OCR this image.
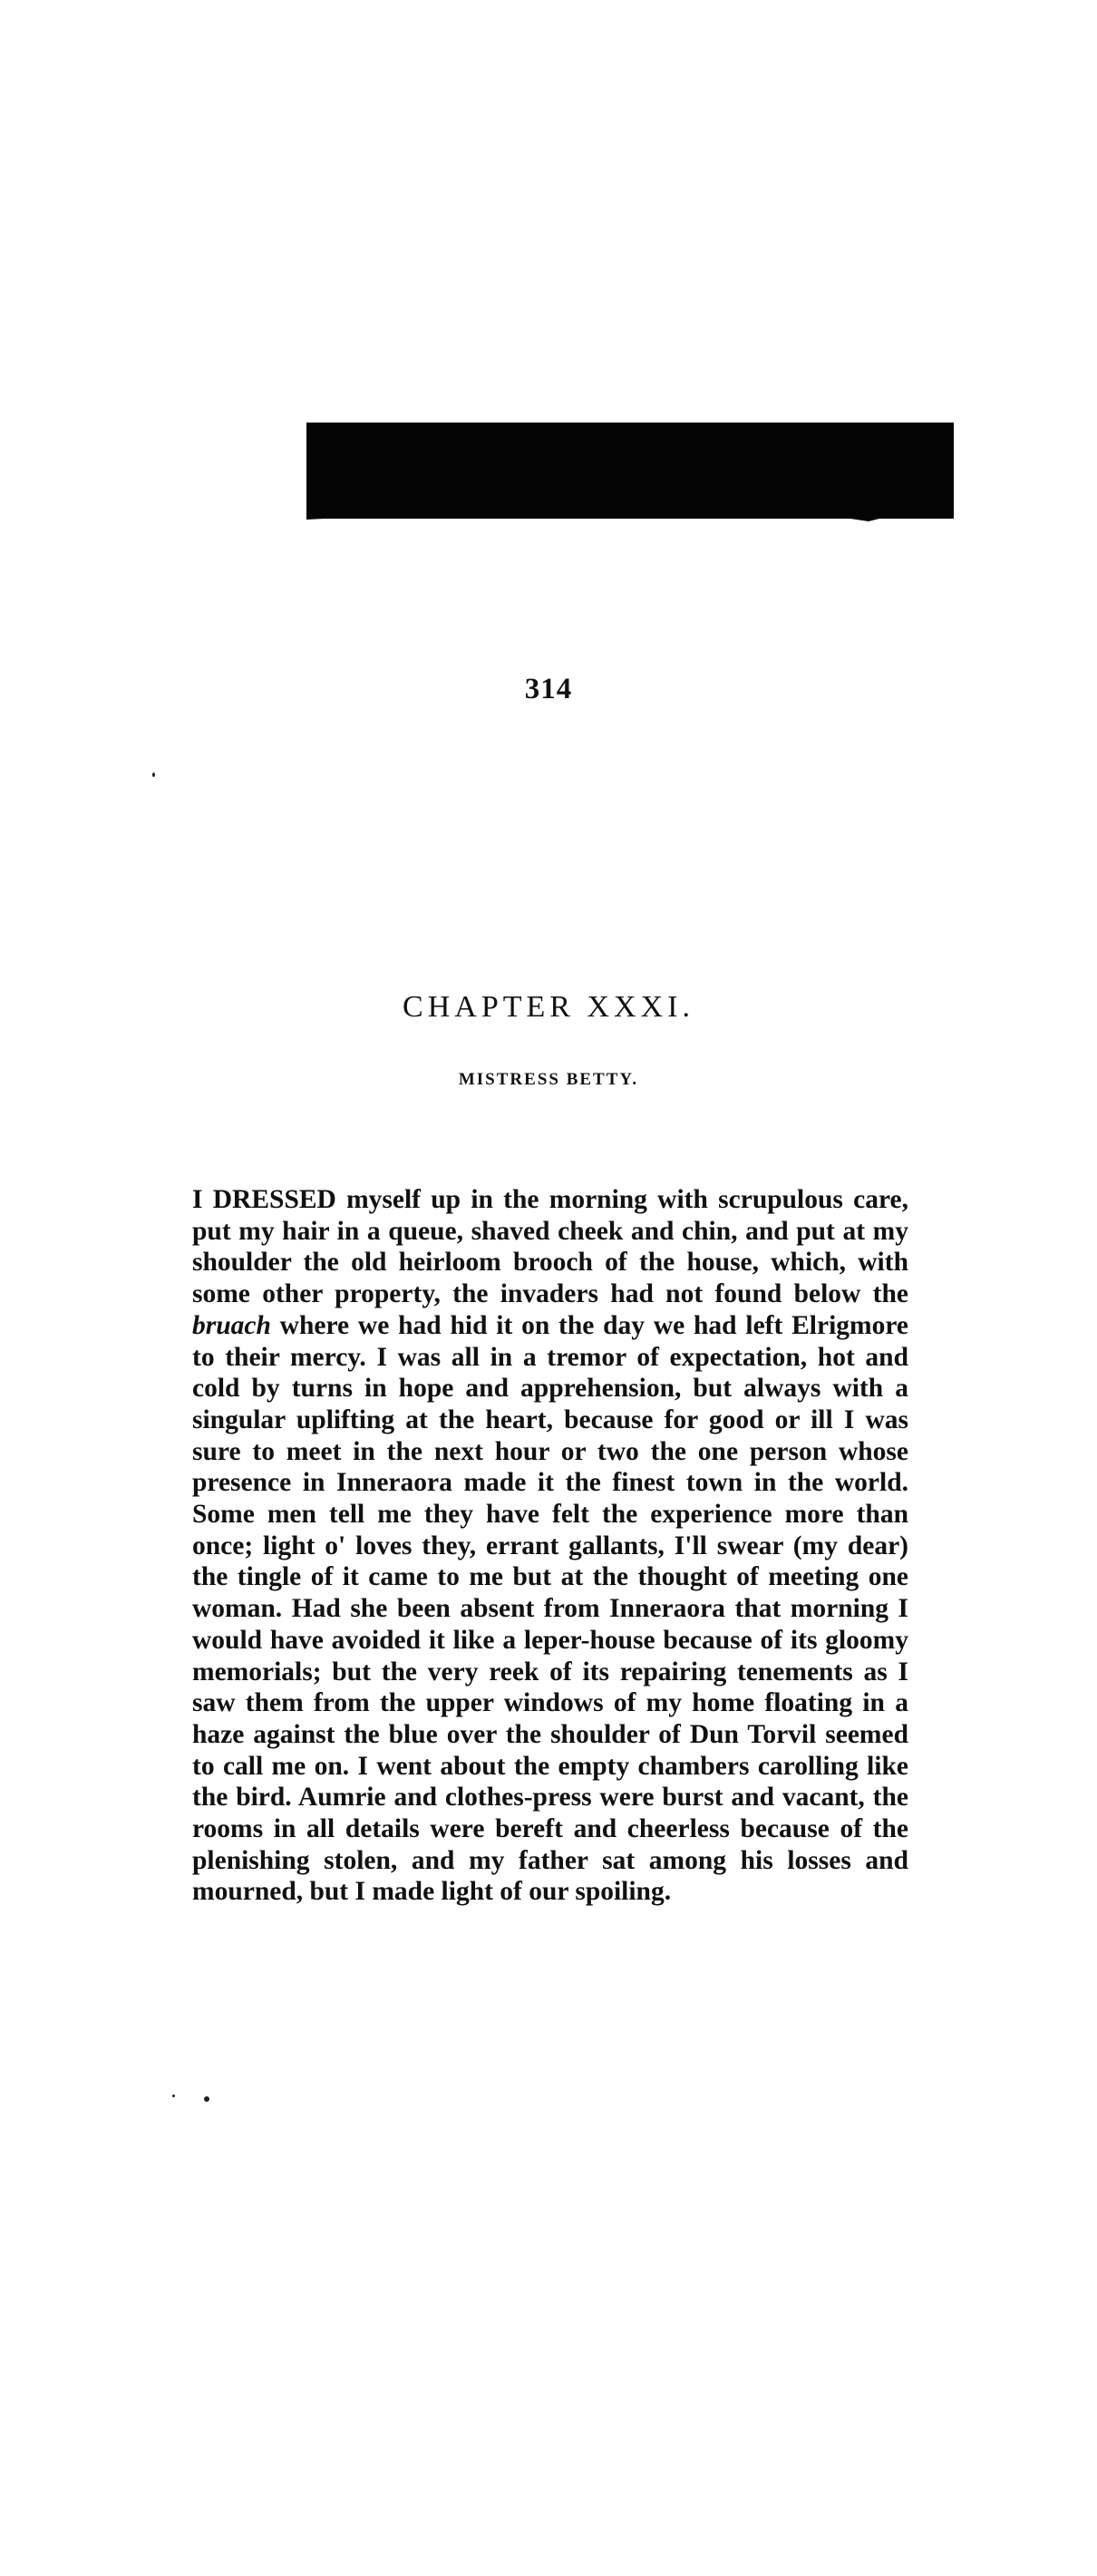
314
CHAPTER XXXI.
MISTRESS BETTY.

I DRESSED myself up in the morning with scrupulous care, put my hair in a queue, shaved cheek and chin, and put at my shoulder the old heirloom brooch of the house, which, with some other property, the invaders had not found below the bruach where we had hid it on the day we had left Elrigmore to their mercy. I was all in a tremor of expectation, hot and cold by turns in hope and apprehension, but always with a singular uplifting at the heart, because for good or ill I was sure to meet in the next hour or two the one person whose presence in Inneraora made it the finest town in the world. Some men tell me they have felt the experience more than once; light o' loves they, errant gallants, I'll swear (my dear) the tingle of it came to me but at the thought of meeting one woman. Had she been absent from Inneraora that morning I would have avoided it like a leper-house because of its gloomy memorials; but the very reek of its repairing tenements as I saw them from the upper windows of my home floating in a haze against the blue over the shoulder of Dun Torvil seemed to call me on. I went about the empty chambers carolling like the bird. Aumrie and clothes-press were burst and vacant, the rooms in all details were bereft and cheerless because of the plenishing stolen, and my father sat among his losses and mourned, but I made light of our spoiling.
